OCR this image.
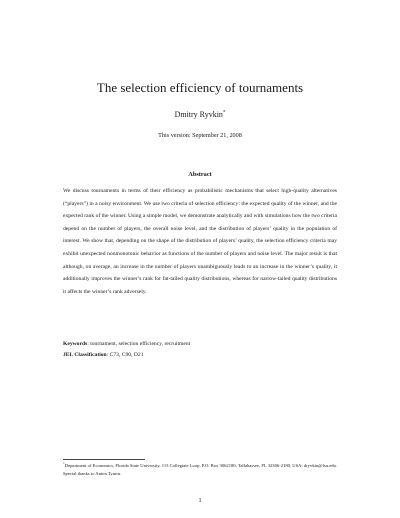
The selection efficiency of tournaments
Dmitry Ryvkin*
This version: September 21, 2008
Abstract
We discuss tournaments in terms of their efficiency as probabilistic mechanisms that select high-quality alternatives (“players”) in a noisy environment. We use two criteria of selection efficiency: the expected quality of the winner, and the expected rank of the winner. Using a simple model, we demonstrate analytically and with simulations how the two criteria depend on the number of players, the overall noise level, and the distribution of players’ quality in the population of interest. We show that, depending on the shape of the distribution of players’ quality, the selection efficiency criteria may exhibit unexpected nonmonotonic behavior as functions of the number of players and noise level. The major result is that although, on average, an increase in the number of players unambiguously leads to an increase in the winner’s quality, it additionally improves the winner’s rank for fat-tailed quality distributions, whereas for narrow-tailed quality distributions it affects the winner’s rank adversely.
Keywords: tournament, selection efficiency, recruitment
JEL Classification: C73, C90, D21
*Department of Economics, Florida State University, 113 Collegiate Loop, P.O. Box 3062180, Tallahassee, FL 32306-2180, USA; dryvkin@fsu.edu. Special thanks to Anton Tyurin.
1
